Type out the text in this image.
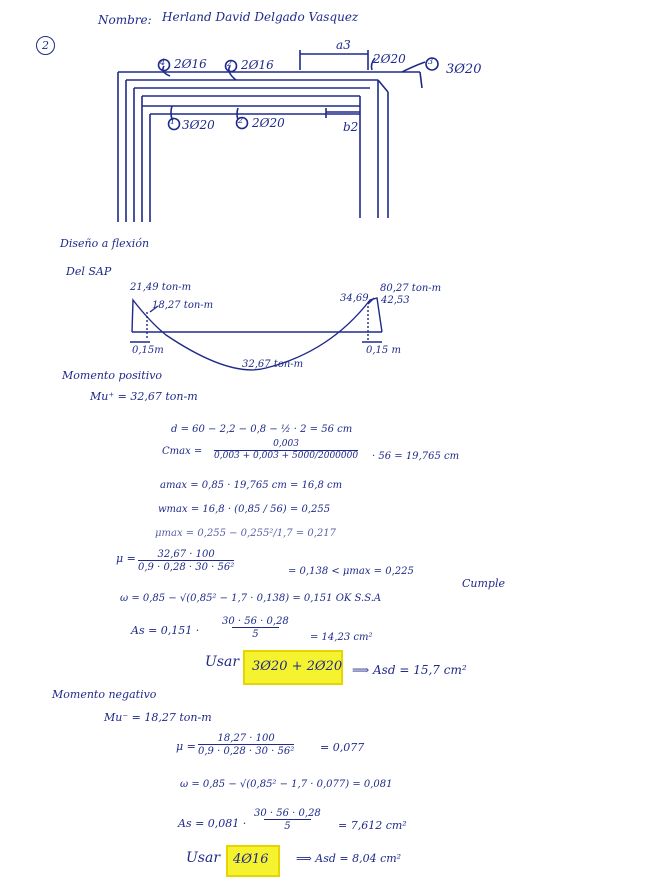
Nombre: Herland David Delgado Vasquez
2
4 2Ø16	2 2Ø16
a3
2Ø20	3
3Ø20
1 3Ø20	2 2Ø20	b2
Diseño a flexión
Del SAP
21,49 ton-m
18,27 ton-m
80,27 ton-m
34,69 42,53
0,15m	0,15 m
32,67 ton-m
Momento positivo
Mu⁺ = 32,67 ton-m
d = 60 − 2,2 − 0,8 − ½ · 2 = 56 cm
$Cmax = \frac{0,003}{0,003 + 0,003 + 5000/2000000} \cdot 56 = 19,765$ cm
amax = 0,85 · 19,765 cm = 16,8 cm
wmax = 16,8 · (0,85 / 56) = 0,255
μmax = 0,255 − 0,255²/1,7 = 0,217
$\mu = \frac{32,67 \cdot 100}{\text{0,9 · 0,28 · 30 · 56²}}$	= 0,138 < μmax = 0,225
Cumple
ω = 0,85 − √(0,85² − 1,7 · 0,138) = 0,151 OK S.S.A
$As = 0,151 \cdot \frac{30 \cdot 56 \cdot 0,28}{5} = 14,23$ cm²
Usar 3Ø20 + 2Ø20 ⟹ Asd = 15,7 cm²
Momento negativo
Mu⁻ = 18,27 ton-m
$\mu = \frac{18,27 \cdot 100}{\text{0,9 · 0,28 · 30 · 56²}} = 0,077$
ω = 0,85 − √(0,85² − 1,7 · 0,077) = 0,081
$As = 0,081 \cdot \frac{30 \cdot 56 \cdot 0,28}{5} = 7,612$ cm²
Usar 4Ø16	⟹ Asd = 8,04 cm²
